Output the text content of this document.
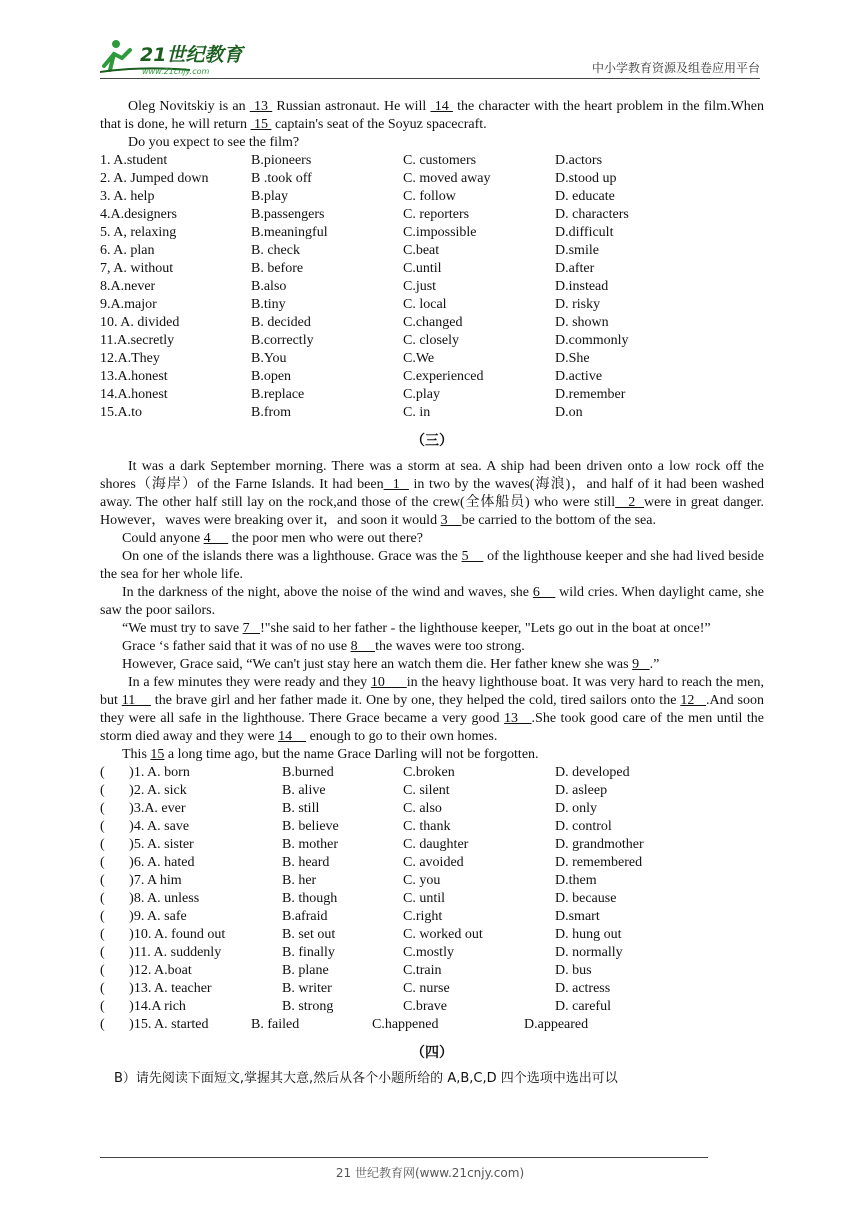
21世纪教育
www.21cnjy.com	中小学教育资源及组卷应用平台

Oleg Novitskiy is an  13  Russian astronaut. He will  14  the character with the heart problem in the film.When that is done, he will return  15  captain's seat of the Soyuz spacecraft.

Do you expect to see the film?

1. A.student	B.pioneers	C. customers	D.actors
2. A. Jumped down	B .took off	C. moved away	D.stood up
3. A. help	B.play	C. follow	D. educate
4.A.designers	B.passengers	C. reporters	D. characters
5. A, relaxing	B.meaningful	C.impossible	D.difficult
6. A. plan	B. check	C.beat	D.smile
7, A. without	B. before	C.until	D.after
8.A.never	B.also	C.just	D.instead
9.A.major	B.tiny	C. local	D. risky
10. A. divided	B. decided	C.changed	D. shown
11.A.secretly	B.correctly	C. closely	D.commonly
12.A.They	B.You	C.We	D.She
13.A.honest	B.open	C.experienced	D.active
14.A.honest	B.replace	C.play	D.remember
15.A.to	B.from	C. in	D.on
（三）

It was a dark September morning. There was a storm at sea. A ship had been driven onto a low rock off the shores（海岸）of the Farne Islands. It had been  1   in two by the waves(海浪)，and half of it had been washed away. The other half still lay on the rock,and those of the crew(全体船员) who were still   2  were in great danger. However，waves were breaking over it，and soon it would 3    be carried to the bottom of the sea.

Could anyone 4      the poor men who were out there?

On one of the islands there was a lighthouse. Grace was the 5     of the lighthouse keeper and she had lived beside the sea for her whole life.

In the darkness of the night, above the noise of the wind and waves, she 6     wild cries. When daylight came, she saw the poor sailors.

“We must try to save 7   !"she said to her father - the lighthouse keeper, "Lets go out in the boat at once!”

Grace ‘s father said that it was of no use 8     the waves were too strong.

However, Grace said, “We can't just stay here an watch them die. Her father knew she was 9   .”

In a few minutes they were ready and they 10      in the heavy lighthouse boat. It was very hard to reach the men, but 11     the brave girl and her father made it. One by one, they helped the cold, tired sailors onto the 12   .And soon they were all safe in the lighthouse. There Grace became a very good 13   .She took good care of the men until the storm died away and they were 14     enough to go to their own homes.

This 15 a long time ago, but the name Grace Darling will not be forgotten.

(       )1. A. born	B.burned	C.broken	D. developed
(       )2. A. sick	B. alive	C. silent	D. asleep
(       )3.A. ever	B. still	C. also	D. only
(       )4. A. save	B. believe	C. thank	D. control
(       )5. A. sister	B. mother	C. daughter	D. grandmother
(       )6. A. hated	B. heard	C. avoided	D. remembered
(       )7. A him	B. her	C. you	D.them
(       )8. A. unless	B. though	C. until	D. because
(       )9. A. safe	B.afraid	C.right	D.smart
(       )10. A. found out	B. set out	C. worked out	D. hung out
(       )11. A. suddenly	B. finally	C.mostly	D. normally
(       )12. A.boat	B. plane	C.train	D. bus
(       )13. A. teacher	B. writer	C. nurse	D. actress
(       )14.A rich	B. strong	C.brave	D. careful
(       )15. A. started	B. failed	C.happened	D.appeared
（四）

B）请先阅读下面短文,掌握其大意,然后从各个小题所给的 A,B,C,D 四个选项中选出可以

21 世纪教育网(www.21cnjy.com)
